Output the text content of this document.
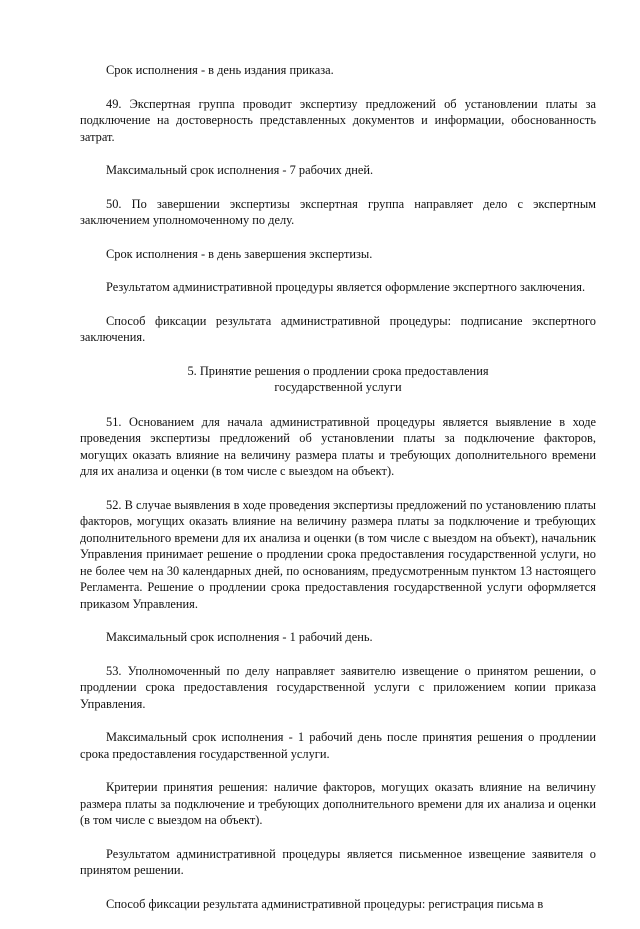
Срок исполнения - в день издания приказа.

49. Экспертная группа проводит экспертизу предложений об установлении платы за подключение на достоверность представленных документов и информации, обоснованность затрат.

Максимальный срок исполнения - 7 рабочих дней.

50. По завершении экспертизы экспертная группа направляет дело с экспертным заключением уполномоченному по делу.

Срок исполнения - в день завершения экспертизы.

Результатом административной процедуры является оформление экспертного заключения.

Способ фиксации результата административной процедуры: подписание экспертного заключения.

5. Принятие решения о продлении срока предоставления
государственной услуги

51. Основанием для начала административной процедуры является выявление в ходе проведения экспертизы предложений об установлении платы за подключение факторов, могущих оказать влияние на величину размера платы и требующих дополнительного времени для их анализа и оценки (в том числе с выездом на объект).

52. В случае выявления в ходе проведения экспертизы предложений по установлению платы факторов, могущих оказать влияние на величину размера платы за подключение и требующих дополнительного времени для их анализа и оценки (в том числе с выездом на объект), начальник Управления принимает решение о продлении срока предоставления государственной услуги, но не более чем на 30 календарных дней, по основаниям, предусмотренным пунктом 13 настоящего Регламента. Решение о продлении срока предоставления государственной услуги оформляется приказом Управления.

Максимальный срок исполнения - 1 рабочий день.

53. Уполномоченный по делу направляет заявителю извещение о принятом решении, о продлении срока предоставления государственной услуги с приложением копии приказа Управления.

Максимальный срок исполнения - 1 рабочий день после принятия решения о продлении срока предоставления государственной услуги.

Критерии принятия решения: наличие факторов, могущих оказать влияние на величину размера платы за подключение и требующих дополнительного времени для их анализа и оценки (в том числе с выездом на объект).

Результатом административной процедуры является письменное извещение заявителя о принятом решении.

Способ фиксации результата административной процедуры: регистрация письма в
